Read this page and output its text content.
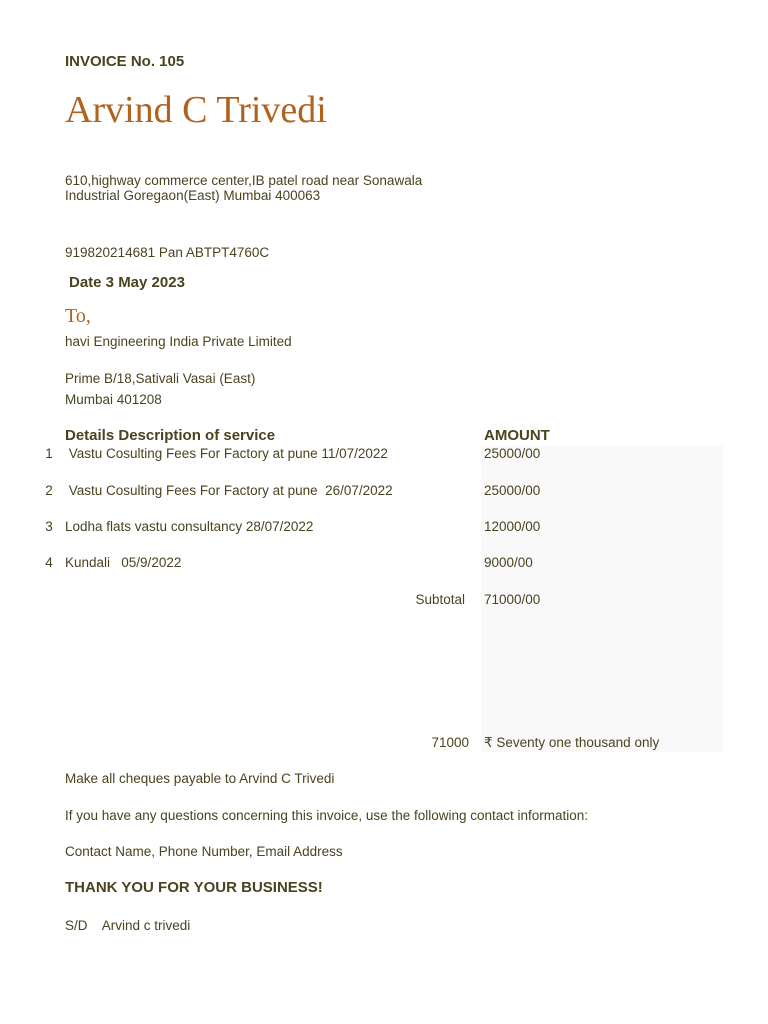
INVOICE No. 105
Arvind C Trivedi
610,highway commerce center,IB patel road near Sonawala
Industrial Goregaon(East) Mumbai 400063
919820214681 Pan ABTPT4760C
Date 3 May 2023
To,
havi Engineering India Private Limited
Prime B/18,Sativali Vasai (East)
Mumbai 401208
Details Description of service	AMOUNT
1 Vastu Cosulting Fees For Factory at pune 11/07/2022	25000/00
2 Vastu Cosulting Fees For Factory at pune  26/07/2022	25000/00
3 Lodha flats vastu consultancy 28/07/2022	12000/00
4 Kundali   05/9/2022	9000/00
Subtotal 71000/00
71000 ₹ Seventy one thousand only
Make all cheques payable to Arvind C Trivedi
If you have any questions concerning this invoice, use the following contact information:
Contact Name, Phone Number, Email Address
THANK YOU FOR YOUR BUSINESS!
S/D    Arvind c trivedi
